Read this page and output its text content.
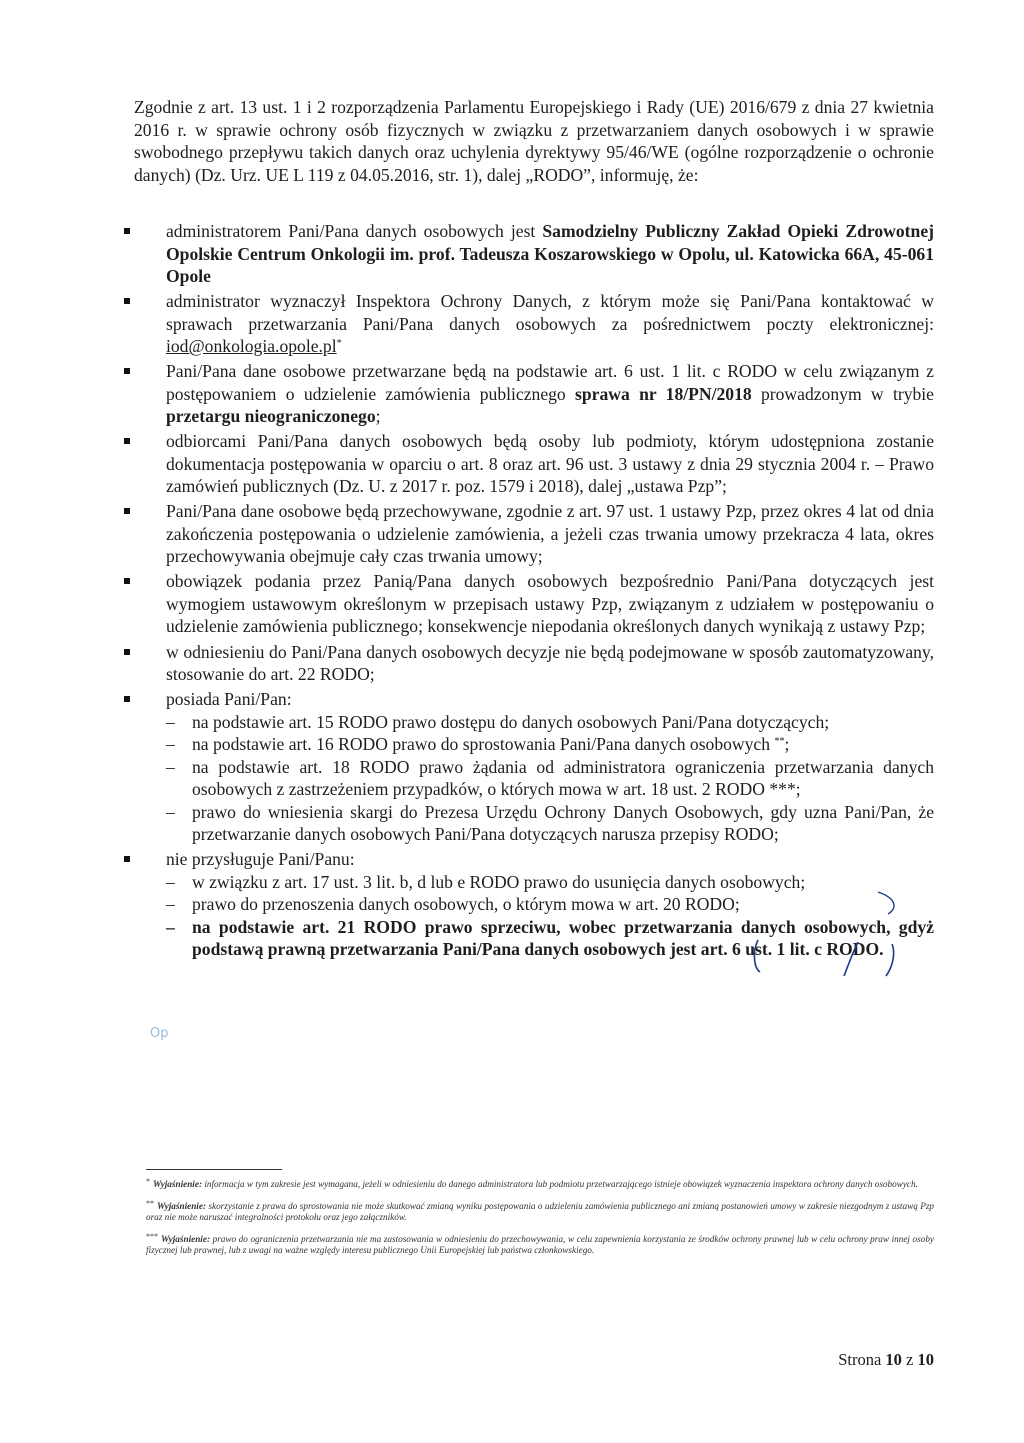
Zgodnie z art. 13 ust. 1 i 2 rozporządzenia Parlamentu Europejskiego i Rady (UE) 2016/679 z dnia 27 kwietnia 2016 r. w sprawie ochrony osób fizycznych w związku z przetwarzaniem danych osobowych i w sprawie swobodnego przepływu takich danych oraz uchylenia dyrektywy 95/46/WE (ogólne rozporządzenie o ochronie danych) (Dz. Urz. UE L 119 z 04.05.2016, str. 1), dalej „RODO”, informuję, że:

administratorem Pani/Pana danych osobowych jest Samodzielny Publiczny Zakład Opieki Zdrowotnej Opolskie Centrum Onkologii im. prof. Tadeusza Koszarowskiego w Opolu, ul. Katowicka 66A, 45-061 Opole
administrator wyznaczył Inspektora Ochrony Danych, z którym może się Pani/Pana kontaktować w sprawach przetwarzania Pani/Pana danych osobowych za pośrednictwem poczty elektronicznej: iod@onkologia.opole.pl*
Pani/Pana dane osobowe przetwarzane będą na podstawie art. 6 ust. 1 lit. c RODO w celu związanym z postępowaniem o udzielenie zamówienia publicznego sprawa nr 18/PN/2018 prowadzonym w trybie przetargu nieograniczonego;
odbiorcami Pani/Pana danych osobowych będą osoby lub podmioty, którym udostępniona zostanie dokumentacja postępowania w oparciu o art. 8 oraz art. 96 ust. 3 ustawy z dnia 29 stycznia 2004 r. – Prawo zamówień publicznych (Dz. U. z 2017 r. poz. 1579 i 2018), dalej „ustawa Pzp”;
Pani/Pana dane osobowe będą przechowywane, zgodnie z art. 97 ust. 1 ustawy Pzp, przez okres 4 lat od dnia zakończenia postępowania o udzielenie zamówienia, a jeżeli czas trwania umowy przekracza 4 lata, okres przechowywania obejmuje cały czas trwania umowy;
obowiązek podania przez Panią/Pana danych osobowych bezpośrednio Pani/Pana dotyczących jest wymogiem ustawowym określonym w przepisach ustawy Pzp, związanym z udziałem w postępowaniu o udzielenie zamówienia publicznego; konsekwencje niepodania określonych danych wynikają z ustawy Pzp;
w odniesieniu do Pani/Pana danych osobowych decyzje nie będą podejmowane w sposób zautomatyzowany, stosowanie do art. 22 RODO;
posiada Pani/Pan:
– na podstawie art. 15 RODO prawo dostępu do danych osobowych Pani/Pana dotyczących;
– na podstawie art. 16 RODO prawo do sprostowania Pani/Pana danych osobowych **;
– na podstawie art. 18 RODO prawo żądania od administratora ograniczenia przetwarzania danych osobowych z zastrzeżeniem przypadków, o których mowa w art. 18 ust. 2 RODO ***;
– prawo do wniesienia skargi do Prezesa Urzędu Ochrony Danych Osobowych, gdy uzna Pani/Pan, że przetwarzanie danych osobowych Pani/Pana dotyczących narusza przepisy RODO;
nie przysługuje Pani/Panu:
– w związku z art. 17 ust. 3 lit. b, d lub e RODO prawo do usunięcia danych osobowych;
– prawo do przenoszenia danych osobowych, o którym mowa w art. 20 RODO;
– na podstawie art. 21 RODO prawo sprzeciwu, wobec przetwarzania danych osobowych, gdyż podstawą prawną przetwarzania Pani/Pana danych osobowych jest art. 6 ust. 1 lit. c RODO.
Op

* Wyjaśnienie: informacja w tym zakresie jest wymagana, jeżeli w odniesieniu do danego administratora lub podmiotu przetwarzającego istnieje obowiązek wyznaczenia inspektora ochrony danych osobowych.

** Wyjaśnienie: skorzystanie z prawa do sprostowania nie może skutkować zmianą wyniku postępowania o udzieleniu zamówienia publicznego ani zmianą postanowień umowy w zakresie niezgodnym z ustawą Pzp oraz nie może naruszać integralności protokołu oraz jego załączników.

*** Wyjaśnienie: prawo do ograniczenia przetwarzania nie ma zastosowania w odniesieniu do przechowywania, w celu zapewnienia korzystania ze środków ochrony prawnej lub w celu ochrony praw innej osoby fizycznej lub prawnej, lub z uwagi na ważne względy interesu publicznego Unii Europejskiej lub państwa członkowskiego.

Strona 10 z 10
